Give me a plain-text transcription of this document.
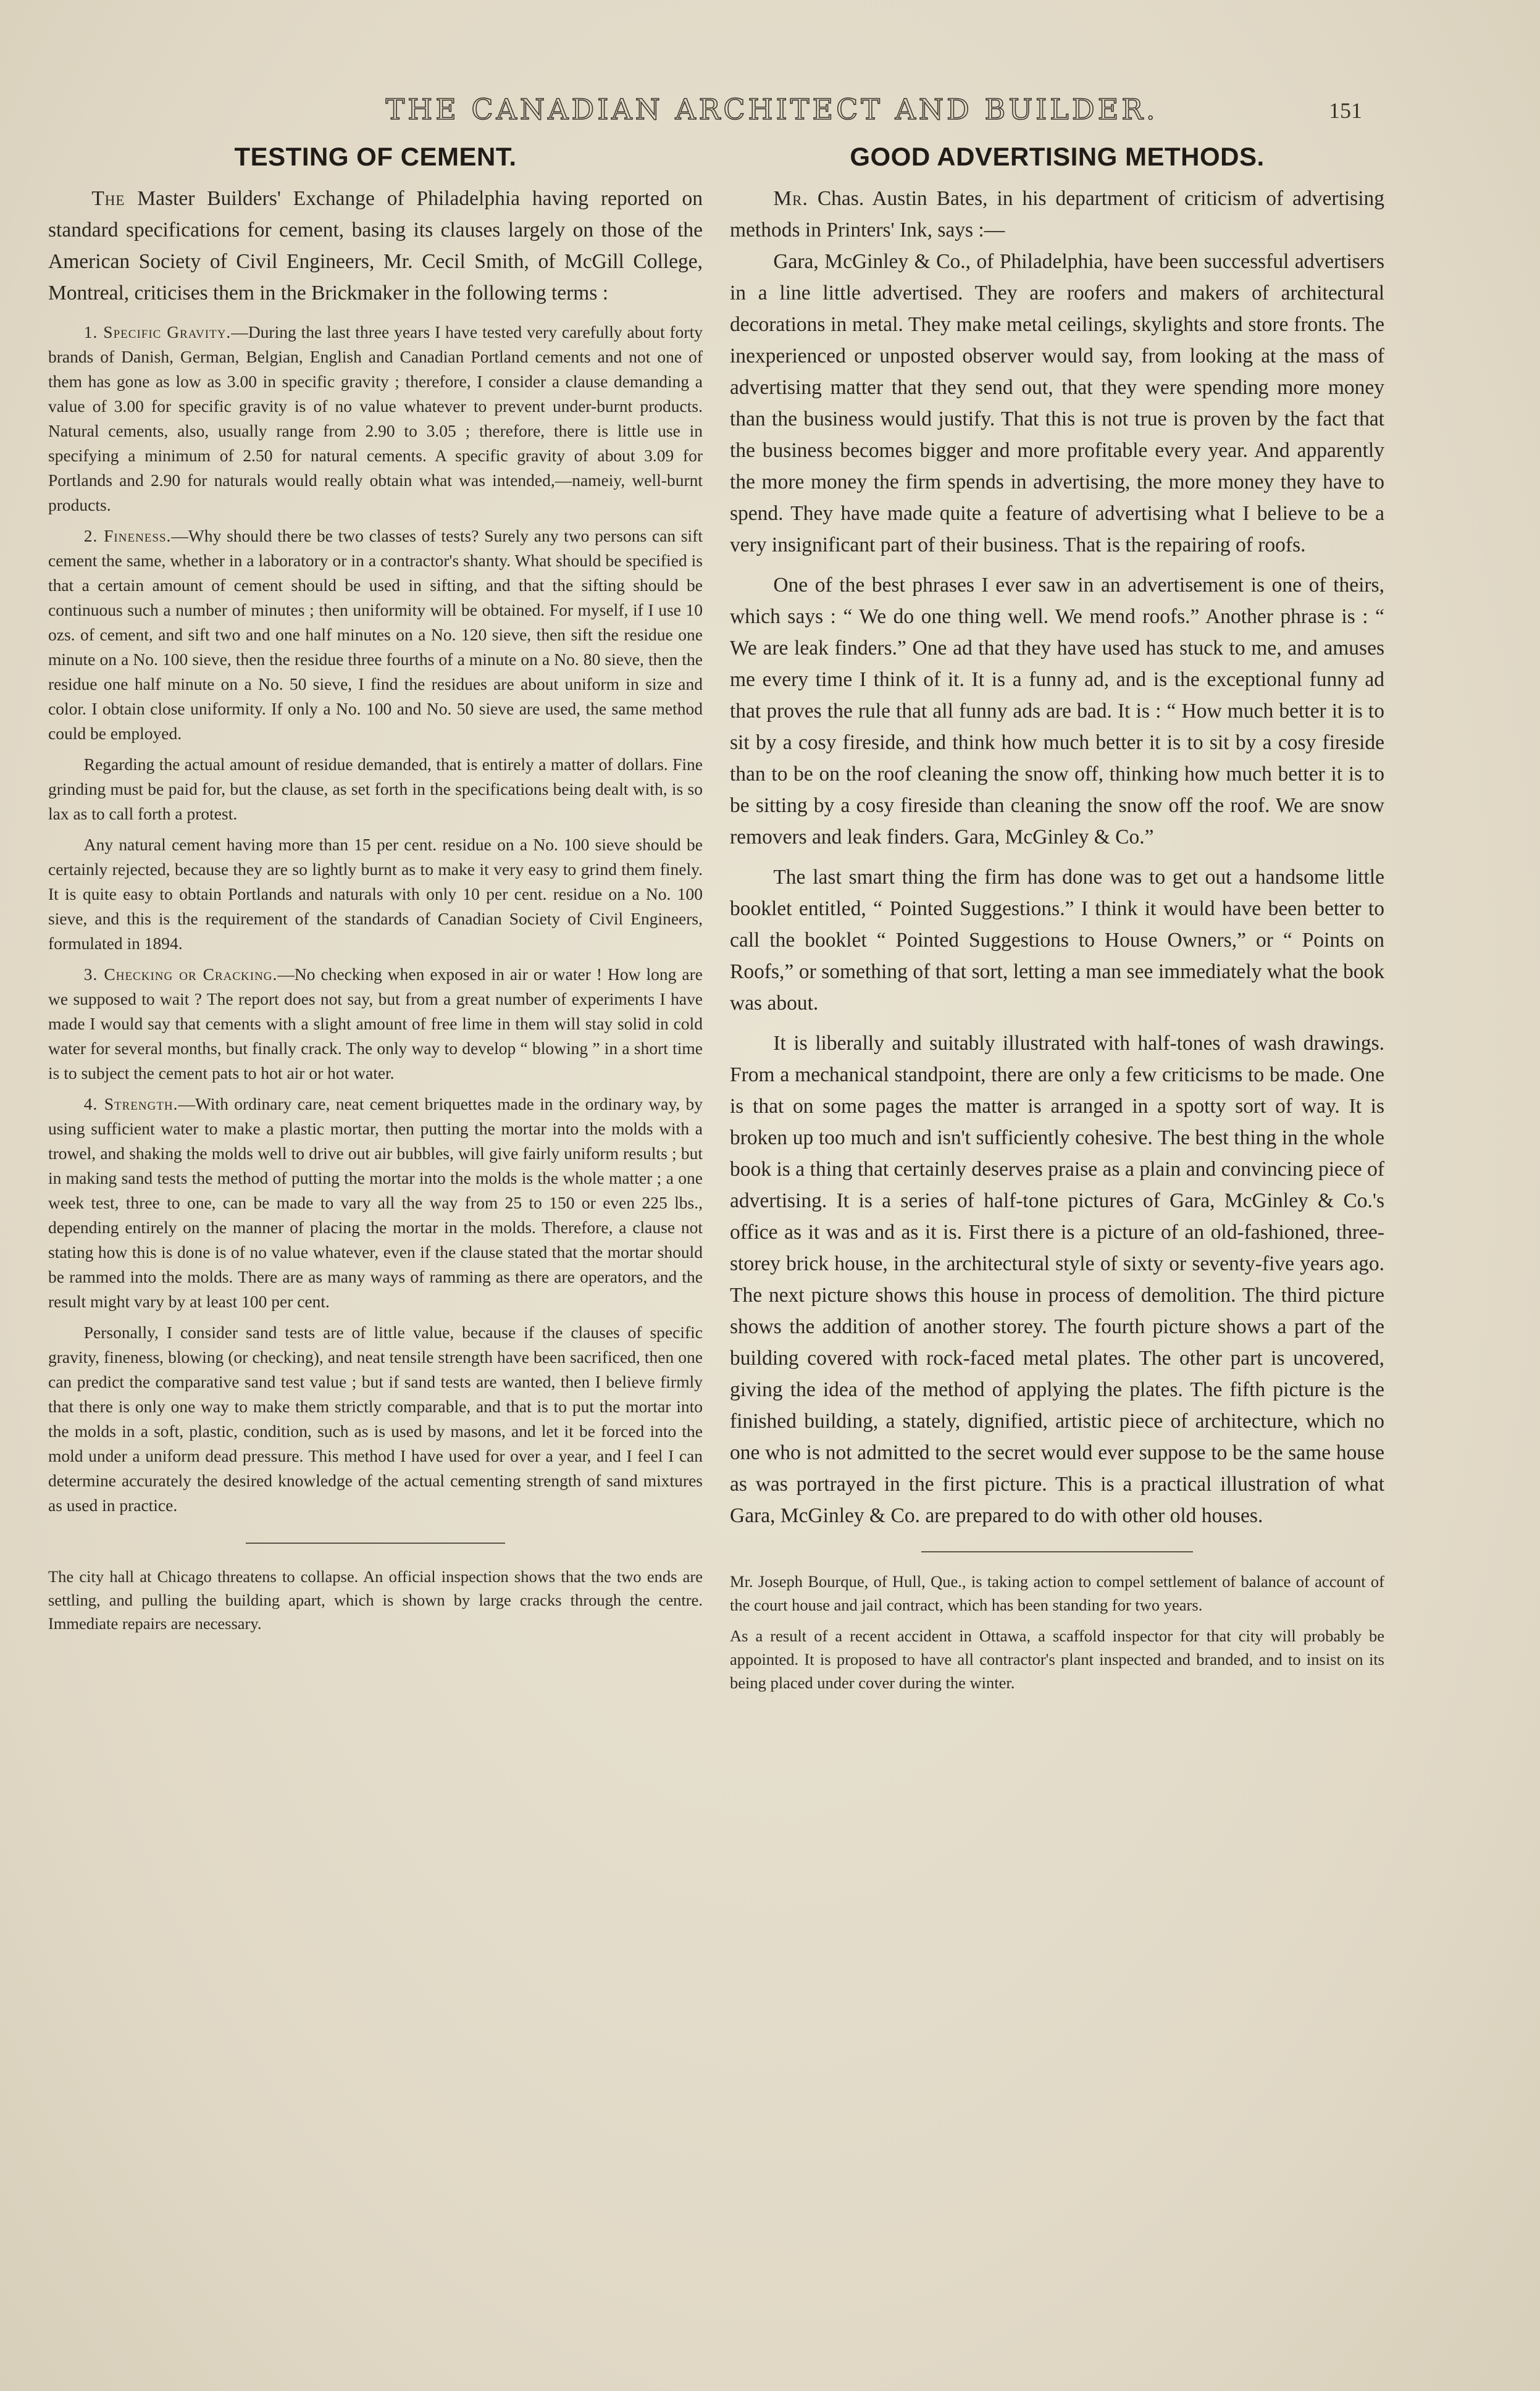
THE CANADIAN ARCHITECT AND BUILDER.	151
TESTING OF CEMENT.

The Master Builders' Exchange of Philadelphia having reported on standard specifications for cement, basing its clauses largely on those of the American Society of Civil Engineers, Mr. Cecil Smith, of McGill College, Montreal, criticises them in the Brickmaker in the following terms :

1. Specific Gravity.—During the last three years I have tested very carefully about forty brands of Danish, German, Belgian, English and Canadian Portland cements and not one of them has gone as low as 3.00 in specific gravity ; therefore, I consider a clause demanding a value of 3.00 for specific gravity is of no value whatever to prevent under-burnt products. Natural cements, also, usually range from 2.90 to 3.05 ; therefore, there is little use in specifying a minimum of 2.50 for natural cements. A specific gravity of about 3.09 for Portlands and 2.90 for naturals would really obtain what was intended,—nameiy, well-burnt products.

2. Fineness.—Why should there be two classes of tests? Surely any two persons can sift cement the same, whether in a laboratory or in a contractor's shanty. What should be specified is that a certain amount of cement should be used in sifting, and that the sifting should be continuous such a number of minutes ; then uniformity will be obtained. For myself, if I use 10 ozs. of cement, and sift two and one half minutes on a No. 120 sieve, then sift the residue one minute on a No. 100 sieve, then the residue three fourths of a minute on a No. 80 sieve, then the residue one half minute on a No. 50 sieve, I find the residues are about uniform in size and color. I obtain close uniformity. If only a No. 100 and No. 50 sieve are used, the same method could be employed.

Regarding the actual amount of residue demanded, that is entirely a matter of dollars. Fine grinding must be paid for, but the clause, as set forth in the specifications being dealt with, is so lax as to call forth a protest.

Any natural cement having more than 15 per cent. residue on a No. 100 sieve should be certainly rejected, because they are so lightly burnt as to make it very easy to grind them finely. It is quite easy to obtain Portlands and naturals with only 10 per cent. residue on a No. 100 sieve, and this is the requirement of the standards of Canadian Society of Civil Engineers, formulated in 1894.

3. Checking or Cracking.—No checking when exposed in air or water ! How long are we supposed to wait ? The report does not say, but from a great number of experiments I have made I would say that cements with a slight amount of free lime in them will stay solid in cold water for several months, but finally crack. The only way to develop “ blowing ” in a short time is to subject the cement pats to hot air or hot water.

4. Strength.—With ordinary care, neat cement briquettes made in the ordinary way, by using sufficient water to make a plastic mortar, then putting the mortar into the molds with a trowel, and shaking the molds well to drive out air bubbles, will give fairly uniform results ; but in making sand tests the method of putting the mortar into the molds is the whole matter ; a one week test, three to one, can be made to vary all the way from 25 to 150 or even 225 lbs., depending entirely on the manner of placing the mortar in the molds. Therefore, a clause not stating how this is done is of no value whatever, even if the clause stated that the mortar should be rammed into the molds. There are as many ways of ramming as there are operators, and the result might vary by at least 100 per cent.

Personally, I consider sand tests are of little value, because if the clauses of specific gravity, fineness, blowing (or checking), and neat tensile strength have been sacrificed, then one can predict the comparative sand test value ; but if sand tests are wanted, then I believe firmly that there is only one way to make them strictly comparable, and that is to put the mortar into the molds in a soft, plastic, condition, such as is used by masons, and let it be forced into the mold under a uniform dead pressure. This method I have used for over a year, and I feel I can determine accurately the desired knowledge of the actual cementing strength of sand mixtures as used in practice.

The city hall at Chicago threatens to collapse. An official inspection shows that the two ends are settling, and pulling the building apart, which is shown by large cracks through the centre. Immediate repairs are necessary.

GOOD ADVERTISING METHODS.

Mr. Chas. Austin Bates, in his department of criticism of advertising methods in Printers' Ink, says :—

Gara, McGinley & Co., of Philadelphia, have been successful advertisers in a line little advertised. They are roofers and makers of architectural decorations in metal. They make metal ceilings, skylights and store fronts. The inexperienced or unposted observer would say, from looking at the mass of advertising matter that they send out, that they were spending more money than the business would justify. That this is not true is proven by the fact that the business becomes bigger and more profitable every year. And apparently the more money the firm spends in advertising, the more money they have to spend. They have made quite a feature of advertising what I believe to be a very insignificant part of their business. That is the repairing of roofs.

One of the best phrases I ever saw in an advertisement is one of theirs, which says : “ We do one thing well. We mend roofs.” Another phrase is : “ We are leak finders.” One ad that they have used has stuck to me, and amuses me every time I think of it. It is a funny ad, and is the exceptional funny ad that proves the rule that all funny ads are bad. It is : “ How much better it is to sit by a cosy fireside, and think how much better it is to sit by a cosy fireside than to be on the roof cleaning the snow off, thinking how much better it is to be sitting by a cosy fireside than cleaning the snow off the roof. We are snow removers and leak finders. Gara, McGinley & Co.”

The last smart thing the firm has done was to get out a handsome little booklet entitled, “ Pointed Suggestions.” I think it would have been better to call the booklet “ Pointed Suggestions to House Owners,” or “ Points on Roofs,” or something of that sort, letting a man see immediately what the book was about.

It is liberally and suitably illustrated with half-tones of wash drawings. From a mechanical standpoint, there are only a few criticisms to be made. One is that on some pages the matter is arranged in a spotty sort of way. It is broken up too much and isn't sufficiently cohesive. The best thing in the whole book is a thing that certainly deserves praise as a plain and convincing piece of advertising. It is a series of half-tone pictures of Gara, McGinley & Co.'s office as it was and as it is. First there is a picture of an old-fashioned, three-storey brick house, in the architectural style of sixty or seventy-five years ago. The next picture shows this house in process of demolition. The third picture shows the addition of another storey. The fourth picture shows a part of the building covered with rock-faced metal plates. The other part is uncovered, giving the idea of the method of applying the plates. The fifth picture is the finished building, a stately, dignified, artistic piece of architecture, which no one who is not admitted to the secret would ever suppose to be the same house as was portrayed in the first picture. This is a practical illustration of what Gara, McGinley & Co. are prepared to do with other old houses.

Mr. Joseph Bourque, of Hull, Que., is taking action to compel settlement of balance of account of the court house and jail contract, which has been standing for two years.

As a result of a recent accident in Ottawa, a scaffold inspector for that city will probably be appointed. It is proposed to have all contractor's plant inspected and branded, and to insist on its being placed under cover during the winter.
